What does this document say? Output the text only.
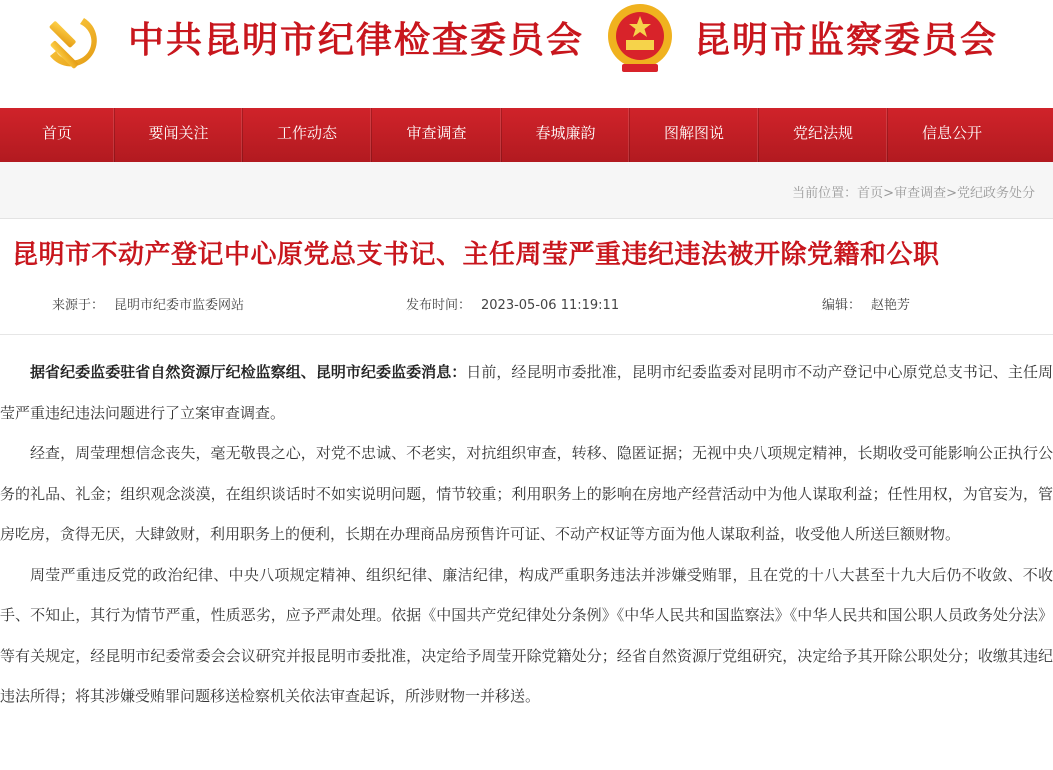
中共昆明市纪律检查委员会	昆明市监察委员会
首页	要闻关注	工作动态	审查调查	春城廉韵	图解图说	党纪法规	信息公开
当前位置：首页>审查调查>党纪政务处分
昆明市不动产登记中心原党总支书记、主任周莹严重违纪违法被开除党籍和公职
来源于： 昆明市纪委市监委网站	发布时间： 2023-05-06 11:19:11	编辑： 赵艳芳

据省纪委监委驻省自然资源厅纪检监察组、昆明市纪委监委消息：日前，经昆明市委批准，昆明市纪委监委对昆明市不动产登记中心原党总支书记、主任周莹严重违纪违法问题进行了立案审查调查。

经查，周莹理想信念丧失，毫无敬畏之心，对党不忠诚、不老实，对抗组织审查，转移、隐匿证据；无视中央八项规定精神，长期收受可能影响公正执行公务的礼品、礼金；组织观念淡漠，在组织谈话时不如实说明问题，情节较重；利用职务上的影响在房地产经营活动中为他人谋取利益；任性用权，为官妄为，管房吃房，贪得无厌，大肆敛财，利用职务上的便利，长期在办理商品房预售许可证、不动产权证等方面为他人谋取利益，收受他人所送巨额财物。

周莹严重违反党的政治纪律、中央八项规定精神、组织纪律、廉洁纪律，构成严重职务违法并涉嫌受贿罪，且在党的十八大甚至十九大后仍不收敛、不收手、不知止，其行为情节严重，性质恶劣，应予严肃处理。依据《中国共产党纪律处分条例》《中华人民共和国监察法》《中华人民共和国公职人员政务处分法》等有关规定，经昆明市纪委常委会会议研究并报昆明市委批准，决定给予周莹开除党籍处分；经省自然资源厅党组研究，决定给予其开除公职处分；收缴其违纪违法所得；将其涉嫌受贿罪问题移送检察机关依法审查起诉，所涉财物一并移送。
